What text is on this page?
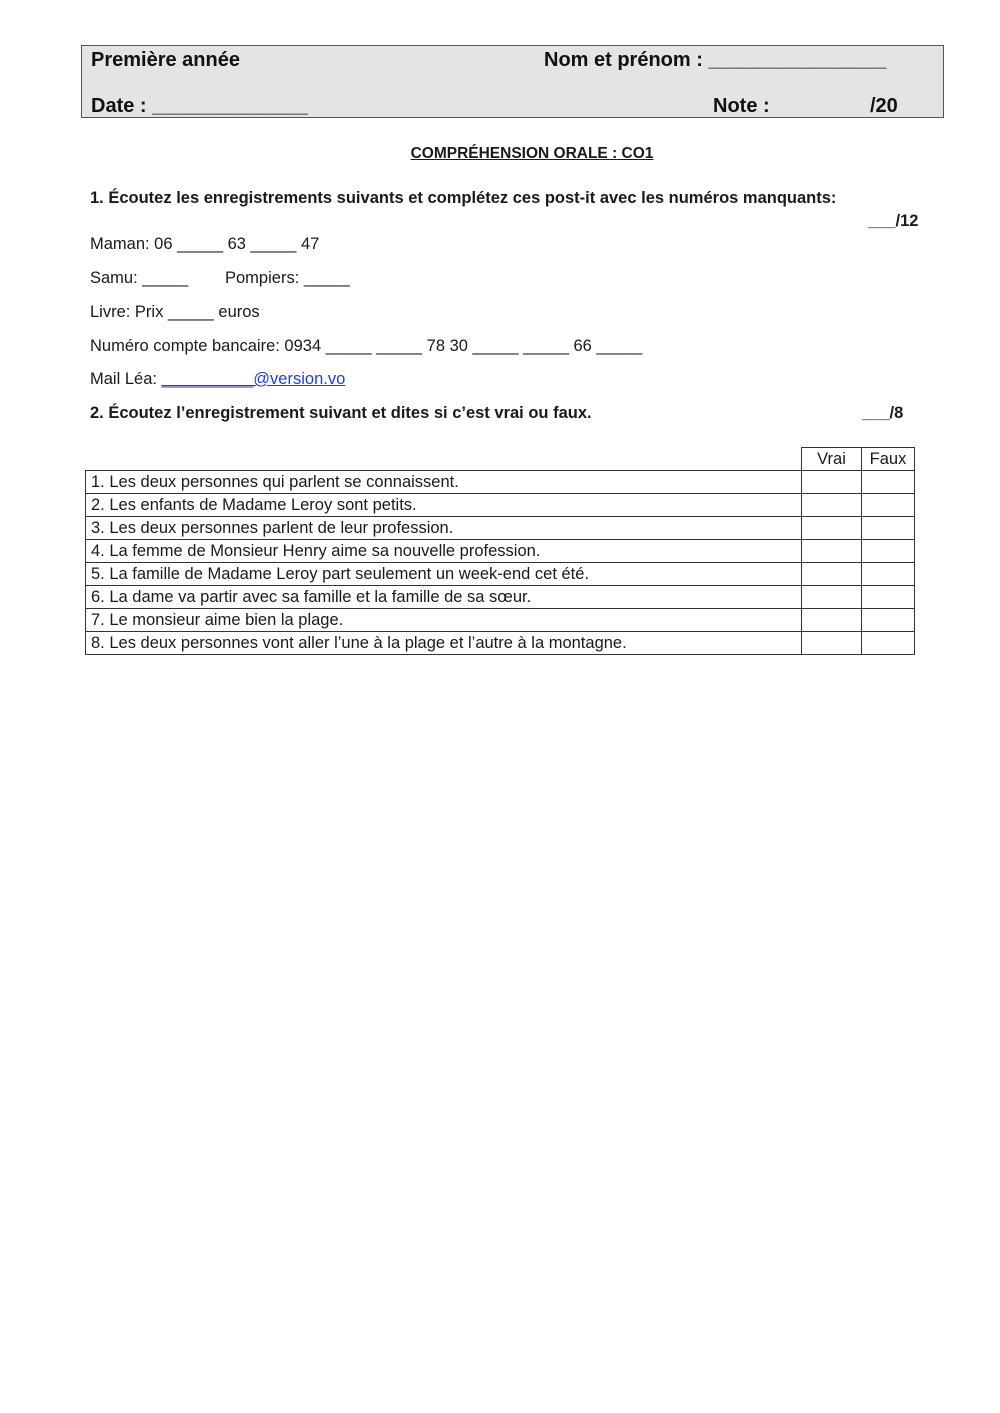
Première année	Nom et prénom : ________________
Date : ______________	Note :	/20
COMPRÉHENSION ORALE : CO1
1. Écoutez les enregistrements suivants et complétez ces post-it avec les numéros manquants:
___/12
Maman: 06 _____ 63 _____ 47
Samu: _____ Pompiers: _____
Livre: Prix _____ euros
Numéro compte bancaire: 0934 _____ _____ 78 30 _____ _____ 66 _____
Mail Léa: __________@version.vo
2. Écoutez l’enregistrement suivant et dites si c’est vrai ou faux.	___/8
	Vrai	Faux
1. Les deux personnes qui parlent se connaissent.		
2. Les enfants de Madame Leroy sont petits.		
3. Les deux personnes parlent de leur profession.		
4. La femme de Monsieur Henry aime sa nouvelle profession.		
5. La famille de Madame Leroy part seulement un week-end cet été.		
6. La dame va partir avec sa famille et la famille de sa sœur.		
7. Le monsieur aime bien la plage.		
8. Les deux personnes vont aller l’une à la plage et l’autre à la montagne.		
